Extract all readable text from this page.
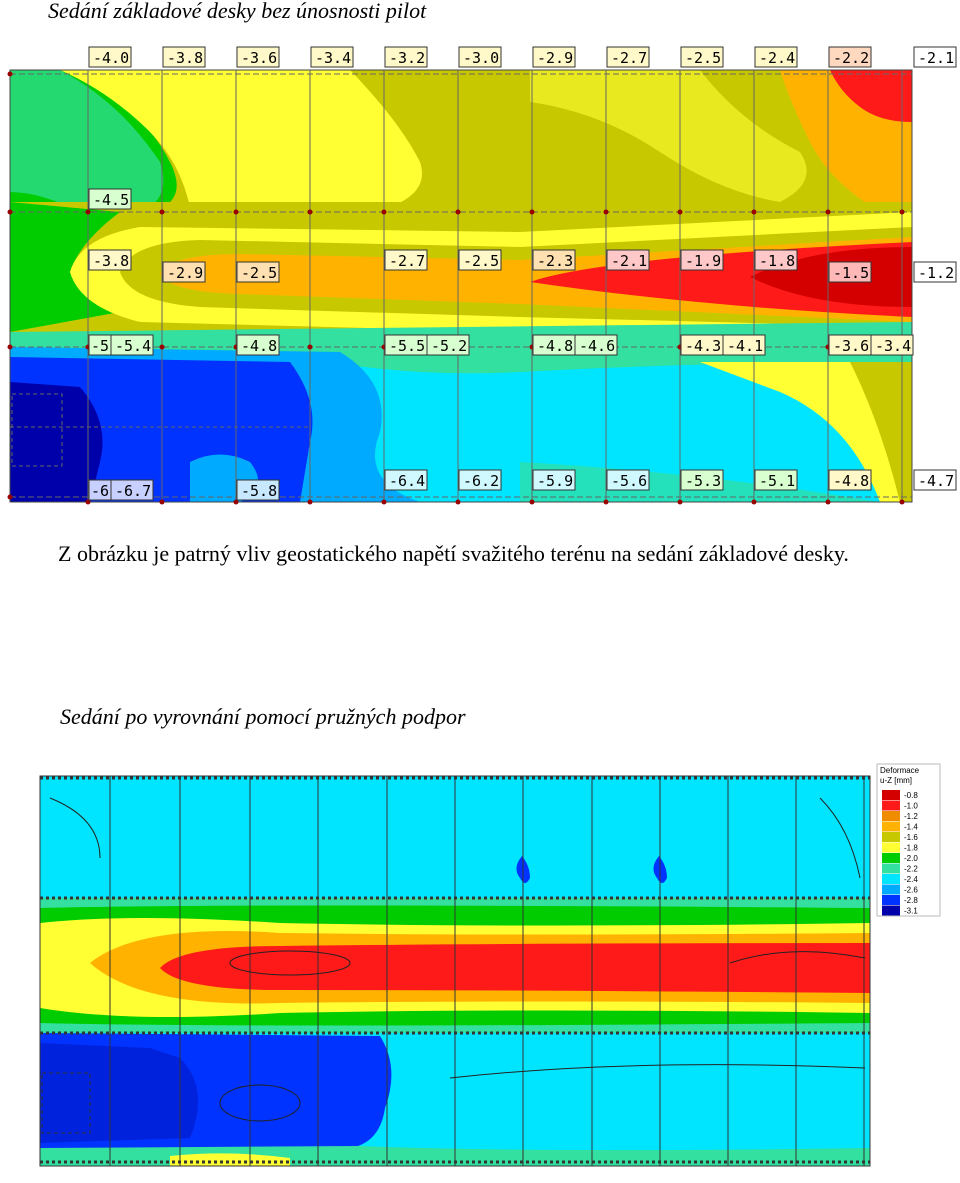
Sedání základové desky bez únosnosti pilot
-4.0	-3.8	-3.6	-3.4	-3.2	-3.0	-2.9	-2.7	-2.5	-2.4	-2.2	-2.1
-4.5
-3.8
-2.9	-2.5
-2.7	-2.5	-2.3	-2.1	-1.9	-1.8
-1.5	-1.2
-5 -5.4	-4.8	-5.5 -5.2	-4.8 -4.6	-4.3 -4.1	-3.6 -3.4
-6 -6.7	-5.8
-6.4	-6.2	-5.9	-5.6	-5.3	-5.1	-4.8	-4.7
Z obrázku je patrný vliv geostatického napětí svažitého terénu na sedání základové desky.
Sedání po vyrovnání pomocí pružných podpor
Deformace
u-Z [mm]
-0.8
-1.0
-1.2
-1.4
-1.6
-1.8
-2.0
-2.2
-2.4
-2.6
-2.8
-3.1
